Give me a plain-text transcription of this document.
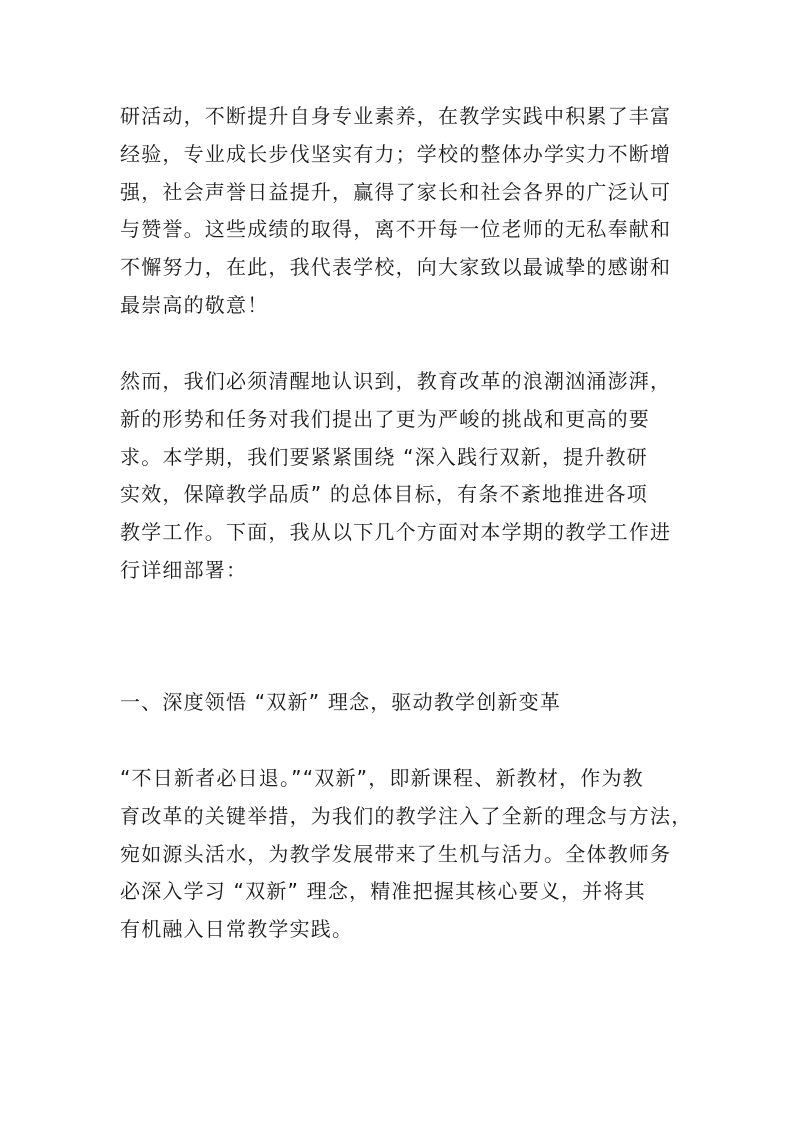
研活动，不断提升自身专业素养，在教学实践中积累了丰富
经验，专业成长步伐坚实有力；学校的整体办学实力不断增
强，社会声誉日益提升，赢得了家长和社会各界的广泛认可
与赞誉。这些成绩的取得，离不开每一位老师的无私奉献和
不懈努力，在此，我代表学校，向大家致以最诚挚的感谢和
最崇高的敬意！
然而，我们必须清醒地认识到，教育改革的浪潮汹涌澎湃，
新的形势和任务对我们提出了更为严峻的挑战和更高的要
求。本学期，我们要紧紧围绕 “深入践行双新，提升教研
实效，保障教学品质” 的总体目标，有条不紊地推进各项
教学工作。下面，我从以下几个方面对本学期的教学工作进
行详细部署：
一、深度领悟 “双新” 理念，驱动教学创新变革
“不日新者必日退。”“双新”，即新课程、新教材，作为教
育改革的关键举措，为我们的教学注入了全新的理念与方法，
宛如源头活水，为教学发展带来了生机与活力。全体教师务
必深入学习 “双新” 理念，精准把握其核心要义，并将其
有机融入日常教学实践。
